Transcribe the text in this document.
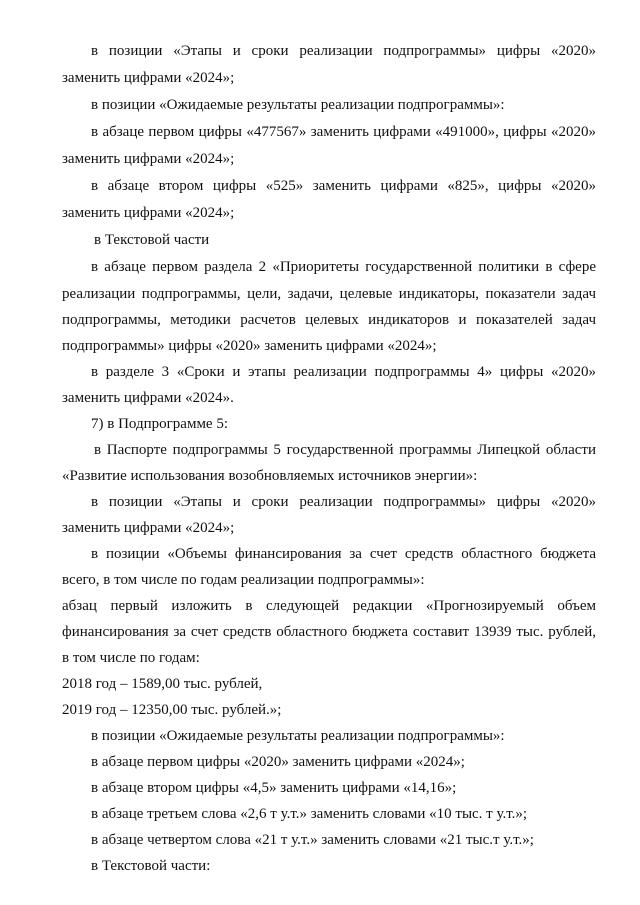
в позиции «Этапы и сроки реализации подпрограммы» цифры «2020»
заменить цифрами «2024»;
в позиции «Ожидаемые результаты реализации подпрограммы»:
в абзаце первом цифры «477567» заменить цифрами «491000», цифры «2020»
заменить цифрами «2024»;
в абзаце втором цифры «525» заменить цифрами «825», цифры «2020»
заменить цифрами «2024»;
в Текстовой части
в абзаце первом раздела 2 «Приоритеты государственной политики в сфере
реализации подпрограммы, цели, задачи, целевые индикаторы, показатели задач
подпрограммы, методики расчетов целевых индикаторов и показателей задач
подпрограммы» цифры «2020» заменить цифрами «2024»;
в разделе 3 «Сроки и этапы реализации подпрограммы 4» цифры «2020»
заменить цифрами «2024».
7) в Подпрограмме 5:
в Паспорте подпрограммы 5 государственной программы Липецкой области
«Развитие использования возобновляемых источников энергии»:
в позиции «Этапы и сроки реализации подпрограммы» цифры «2020»
заменить цифрами «2024»;
в позиции «Объемы финансирования за счет средств областного бюджета
всего, в том числе по годам реализации подпрограммы»:
абзац первый изложить в следующей редакции «Прогнозируемый объем
финансирования за счет средств областного бюджета составит 13939 тыс. рублей,
в том числе по годам:
2018 год – 1589,00 тыс. рублей,
2019 год – 12350,00 тыс. рублей.»;
в позиции «Ожидаемые результаты реализации подпрограммы»:
в абзаце первом цифры «2020» заменить цифрами «2024»;
в абзаце втором цифры «4,5» заменить цифрами «14,16»;
в абзаце третьем слова «2,6 т у.т.» заменить словами «10 тыс. т у.т.»;
в абзаце четвертом слова «21 т у.т.» заменить словами «21 тыс.т у.т.»;
в Текстовой части:
